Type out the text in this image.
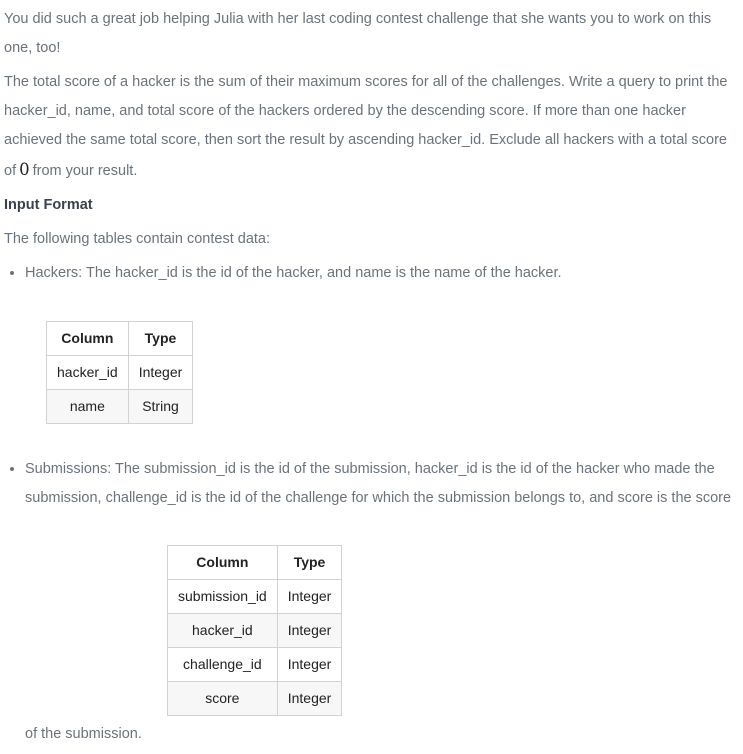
You did such a great job helping Julia with her last coding contest challenge that she wants you to work on this
one, too!

The total score of a hacker is the sum of their maximum scores for all of the challenges. Write a query to print the
hacker_id, name, and total score of the hackers ordered by the descending score. If more than one hacker
achieved the same total score, then sort the result by ascending hacker_id. Exclude all hackers with a total score
of 0 from your result.

Input Format

The following tables contain contest data:

• Hackers: The hacker_id is the id of the hacker, and name is the name of the hacker.
Column	Type
hacker_id	Integer
name	String
• Submissions: The submission_id is the id of the submission, hacker_id is the id of the hacker who made the
submission, challenge_id is the id of the challenge for which the submission belongs to, and score is the score
Column	Type
submission_id	Integer
hacker_id	Integer
challenge_id	Integer
score	Integer
of the submission.
